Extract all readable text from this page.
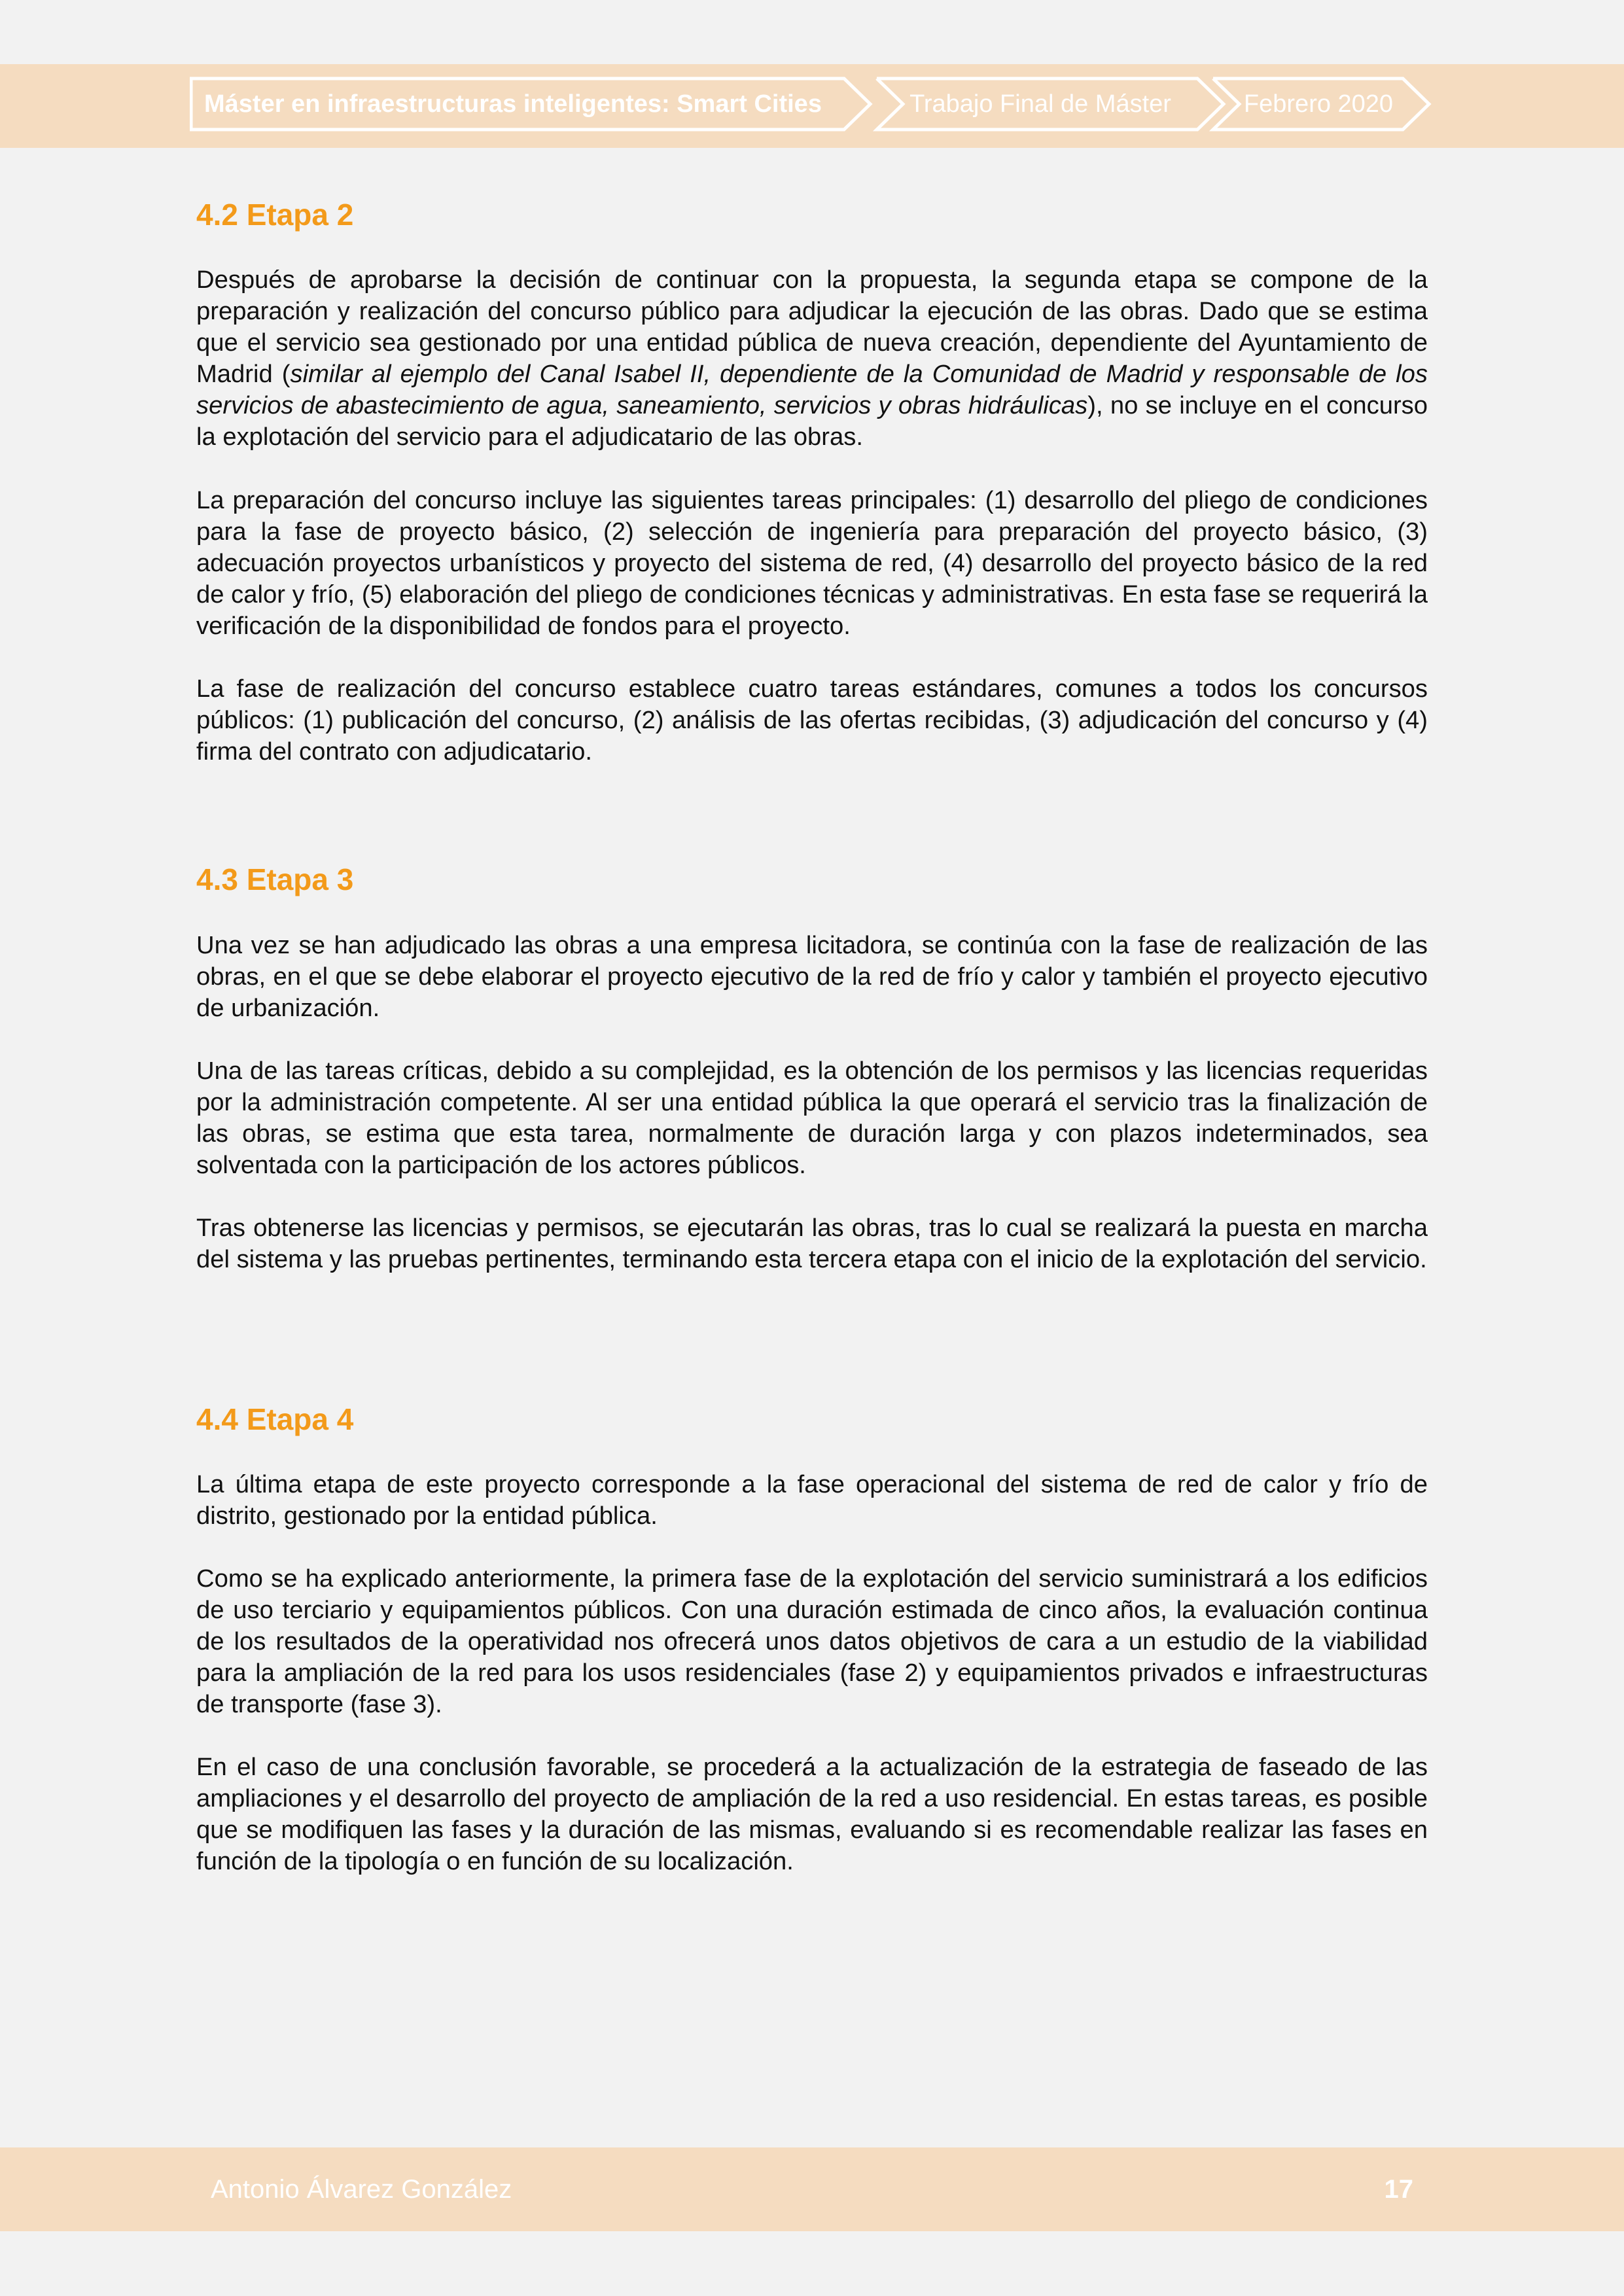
Máster en infraestructuras inteligentes: Smart Cities	Trabajo Final de Máster	Febrero 2020
4.2 Etapa 2

Después de aprobarse la decisión de continuar con la propuesta, la segunda etapa se compone de la preparación y realización del concurso público para adjudicar la ejecución de las obras. Dado que se estima que el servicio sea gestionado por una entidad pública de nueva creación, dependiente del Ayuntamiento de Madrid (similar al ejemplo del Canal Isabel II, dependiente de la Comunidad de Madrid y responsable de los servicios de abastecimiento de agua, saneamiento, servicios y obras hidráulicas), no se incluye en el concurso la explotación del servicio para el adjudicatario de las obras.

La preparación del concurso incluye las siguientes tareas principales: (1) desarrollo del pliego de condiciones para la fase de proyecto básico, (2) selección de ingeniería para preparación del proyecto básico, (3) adecuación proyectos urbanísticos y proyecto del sistema de red, (4) desarrollo del proyecto básico de la red de calor y frío, (5) elaboración del pliego de condiciones técnicas y administrativas. En esta fase se requerirá la verificación de la disponibilidad de fondos para el proyecto.

La fase de realización del concurso establece cuatro tareas estándares, comunes a todos los concursos públicos: (1) publicación del concurso, (2) análisis de las ofertas recibidas, (3) adjudicación del concurso y (4) firma del contrato con adjudicatario.

4.3 Etapa 3

Una vez se han adjudicado las obras a una empresa licitadora, se continúa con la fase de realización de las obras, en el que se debe elaborar el proyecto ejecutivo de la red de frío y calor y también el proyecto ejecutivo de urbanización.

Una de las tareas críticas, debido a su complejidad, es la obtención de los permisos y las licencias requeridas por la administración competente. Al ser una entidad pública la que operará el servicio tras la finalización de las obras, se estima que esta tarea, normalmente de duración larga y con plazos indeterminados, sea solventada con la participación de los actores públicos.

Tras obtenerse las licencias y permisos, se ejecutarán las obras, tras lo cual se realizará la puesta en marcha del sistema y las pruebas pertinentes, terminando esta tercera etapa con el inicio de la explotación del servicio.

4.4 Etapa 4

La última etapa de este proyecto corresponde a la fase operacional del sistema de red de calor y frío de distrito, gestionado por la entidad pública.

Como se ha explicado anteriormente, la primera fase de la explotación del servicio suministrará a los edificios de uso terciario y equipamientos públicos. Con una duración estimada de cinco años, la evaluación continua de los resultados de la operatividad nos ofrecerá unos datos objetivos de cara a un estudio de la viabilidad para la ampliación de la red para los usos residenciales (fase 2) y equipamientos privados e infraestructuras de transporte (fase 3).

En el caso de una conclusión favorable, se procederá a la actualización de la estrategia de faseado de las ampliaciones y el desarrollo del proyecto de ampliación de la red a uso residencial. En estas tareas, es posible que se modifiquen las fases y la duración de las mismas, evaluando si es recomendable realizar las fases en función de la tipología o en función de su localización.

Antonio Álvarez González	17
